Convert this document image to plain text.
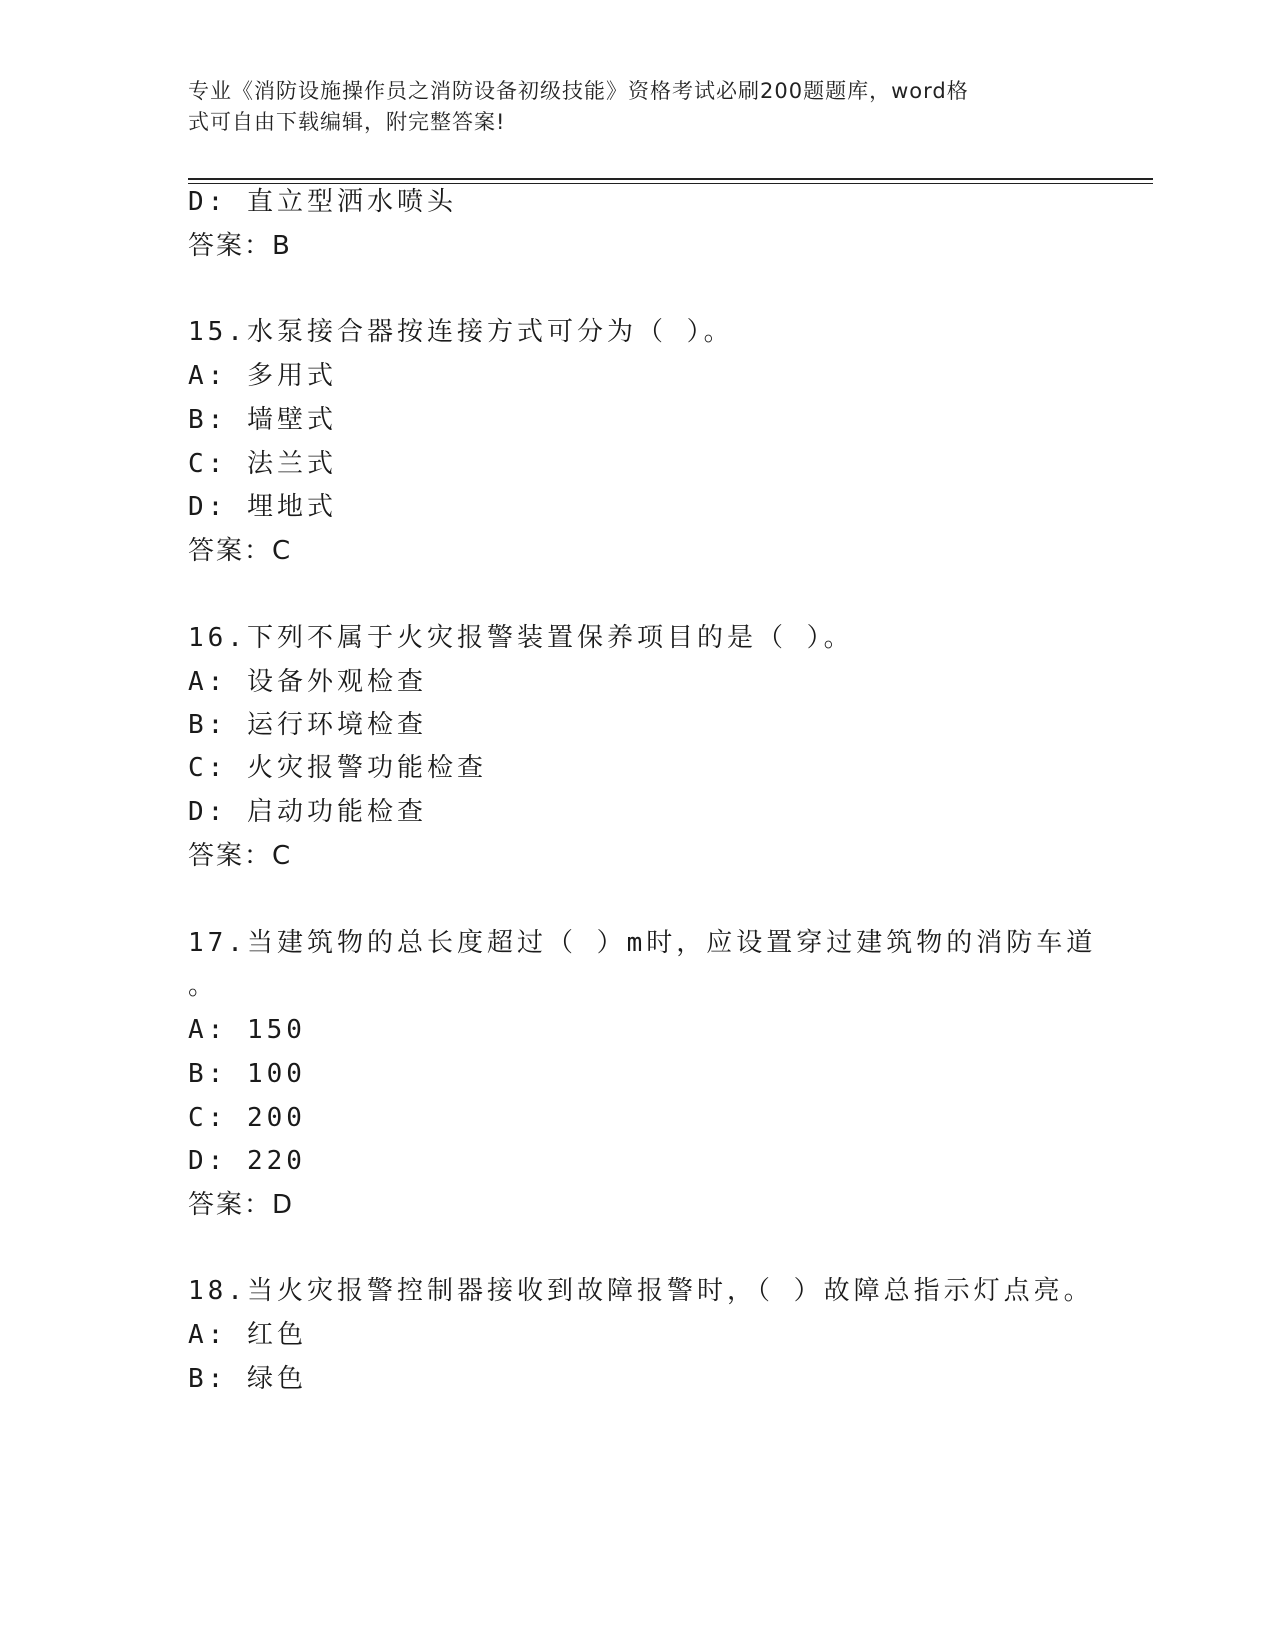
专业《消防设施操作员之消防设备初级技能》资格考试必刷200题题库，word格
式可自由下载编辑，附完整答案!
D: 直立型洒水喷头
答案：B
15.水泵接合器按连接方式可分为（ ）。
A: 多用式
B: 墙壁式
C: 法兰式
D: 埋地式
答案：C
16.下列不属于火灾报警装置保养项目的是（ ）。
A: 设备外观检查
B: 运行环境检查
C: 火灾报警功能检查
D: 启动功能检查
答案：C
17.当建筑物的总长度超过（ ）m时，应设置穿过建筑物的消防车道
。
A: 150
B: 100
C: 200
D: 220
答案：D
18.当火灾报警控制器接收到故障报警时，（ ）故障总指示灯点亮。
A: 红色
B: 绿色
